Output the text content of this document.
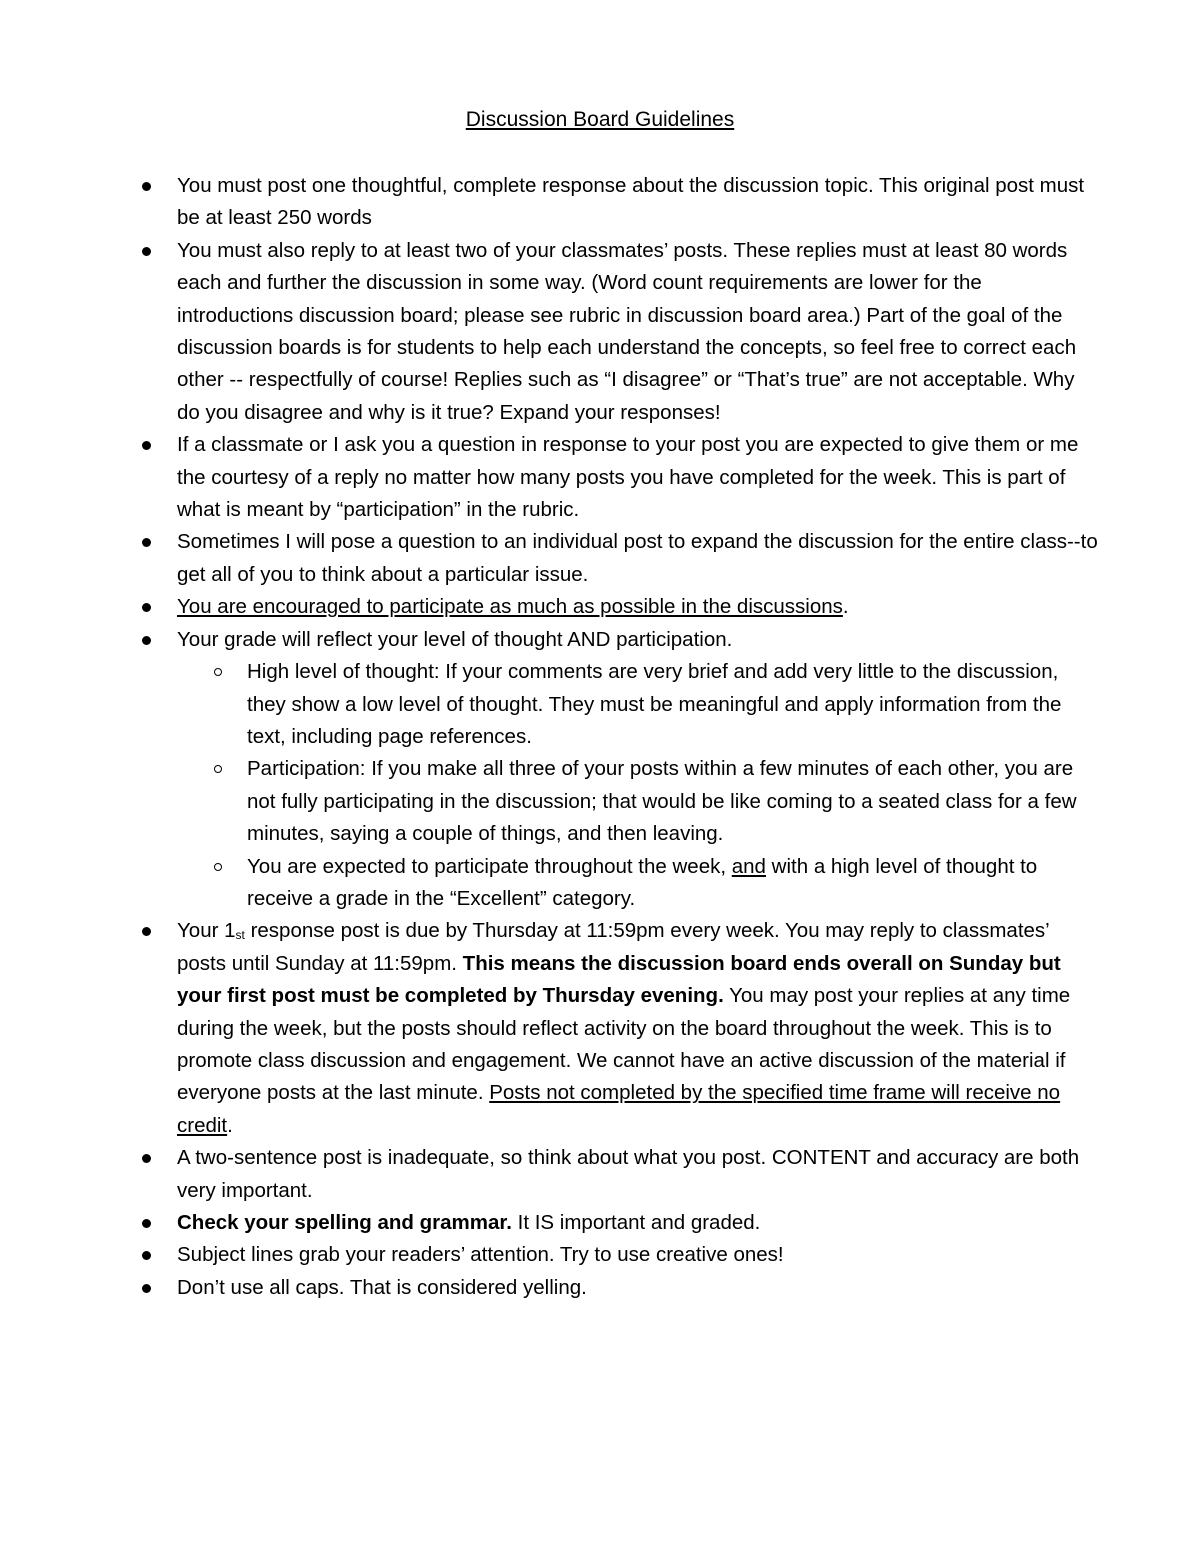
Discussion Board Guidelines
You must post one thoughtful, complete response about the discussion topic. This original post must be at least 250 words
You must also reply to at least two of your classmates’ posts. These replies must at least 80 words each and further the discussion in some way. (Word count requirements are lower for the introductions discussion board; please see rubric in discussion board area.) Part of the goal of the discussion boards is for students to help each understand the concepts, so feel free to correct each other -- respectfully of course! Replies such as “I disagree” or “That’s true” are not acceptable. Why do you disagree and why is it true? Expand your responses!
If a classmate or I ask you a question in response to your post you are expected to give them or me the courtesy of a reply no matter how many posts you have completed for the week. This is part of what is meant by “participation” in the rubric.
Sometimes I will pose a question to an individual post to expand the discussion for the entire class--to get all of you to think about a particular issue.
You are encouraged to participate as much as possible in the discussions.
Your grade will reflect your level of thought AND participation.
High level of thought: If your comments are very brief and add very little to the discussion, they show a low level of thought. They must be meaningful and apply information from the text, including page references.
Participation: If you make all three of your posts within a few minutes of each other, you are not fully participating in the discussion; that would be like coming to a seated class for a few minutes, saying a couple of things, and then leaving.
You are expected to participate throughout the week, and with a high level of thought to receive a grade in the “Excellent” category.
Your 1st response post is due by Thursday at 11:59pm every week. You may reply to classmates’ posts until Sunday at 11:59pm. This means the discussion board ends overall on Sunday but your first post must be completed by Thursday evening. You may post your replies at any time during the week, but the posts should reflect activity on the board throughout the week. This is to promote class discussion and engagement. We cannot have an active discussion of the material if everyone posts at the last minute. Posts not completed by the specified time frame will receive no credit.
A two-sentence post is inadequate, so think about what you post. CONTENT and accuracy are both very important.
Check your spelling and grammar. It IS important and graded.
Subject lines grab your readers’ attention. Try to use creative ones!
Don’t use all caps. That is considered yelling.
